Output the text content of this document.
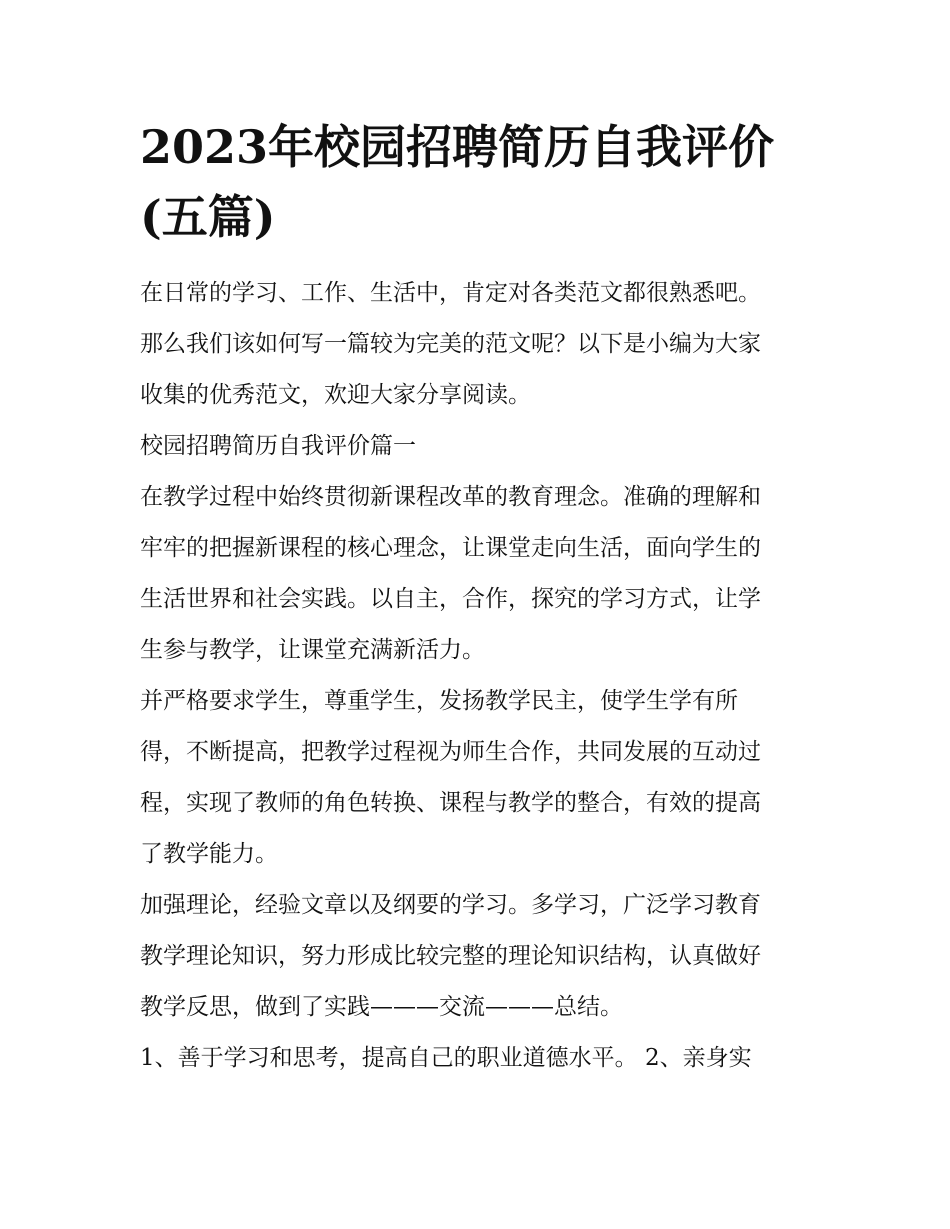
2023年校园招聘简历自我评价
(五篇)

在日常的学习、工作、生活中，肯定对各类范文都很熟悉吧。
那么我们该如何写一篇较为完美的范文呢？以下是小编为大家
收集的优秀范文，欢迎大家分享阅读。

校园招聘简历自我评价篇一

在教学过程中始终贯彻新课程改革的教育理念。准确的理解和
牢牢的把握新课程的核心理念，让课堂走向生活，面向学生的
生活世界和社会实践。以自主，合作，探究的学习方式，让学
生参与教学，让课堂充满新活力。

并严格要求学生，尊重学生，发扬教学民主，使学生学有所
得，不断提高，把教学过程视为师生合作，共同发展的互动过
程，实现了教师的角色转换、课程与教学的整合，有效的提高
了教学能力。

加强理论，经验文章以及纲要的学习。多学习，广泛学习教育
教学理论知识，努力形成比较完整的理论知识结构，认真做好
教学反思，做到了实践———交流———总结。

1、善于学习和思考，提高自己的职业道德水平。 2、亲身实
